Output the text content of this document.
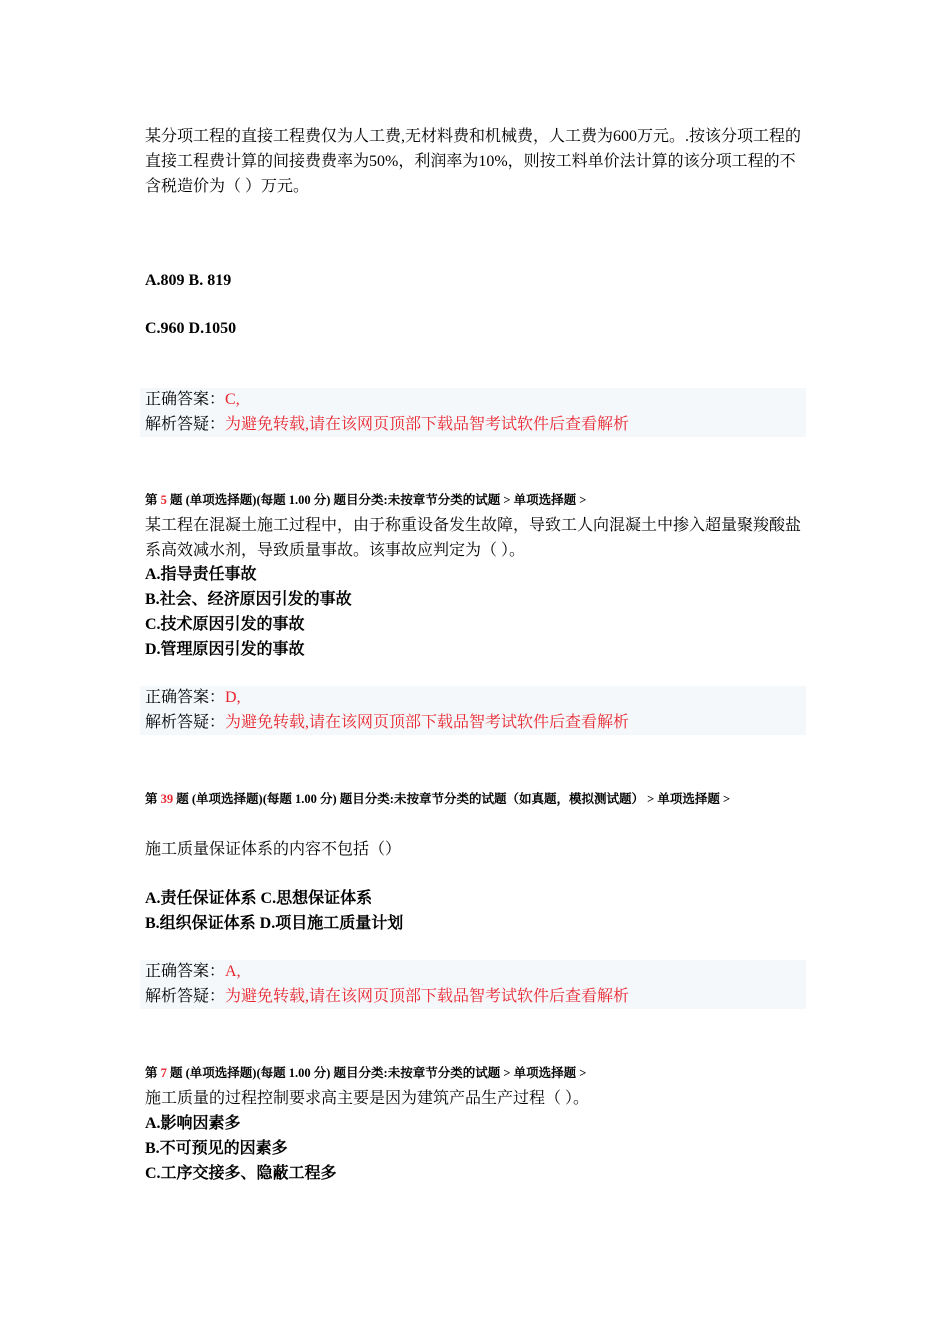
某分项工程的直接工程费仅为人工费,无材料费和机械费，人工费为600万元。.按该分项工程的直接工程费计算的间接费费率为50%，利润率为10%，则按工料单价法计算的该分项工程的不含税造价为（ ）万元。
A.809 B. 819
C.960 D.1050
正确答案：C,
解析答疑：为避免转载,请在该网页顶部下载品智考试软件后查看解析
第 5 题 (单项选择题)(每题 1.00 分) 题目分类:未按章节分类的试题 > 单项选择题 >
某工程在混凝土施工过程中，由于称重设备发生故障，导致工人向混凝土中掺入超量聚羧酸盐系高效减水剂，导致质量事故。该事故应判定为（ ）。
A.指导责任事故
B.社会、经济原因引发的事故
C.技术原因引发的事故
D.管理原因引发的事故
正确答案：D,
解析答疑：为避免转载,请在该网页顶部下载品智考试软件后查看解析
第 39 题 (单项选择题)(每题 1.00 分) 题目分类:未按章节分类的试题（如真题，模拟测试题） > 单项选择题 >
施工质量保证体系的内容不包括（）
A.责任保证体系 C.思想保证体系
B.组织保证体系 D.项目施工质量计划
正确答案：A,
解析答疑：为避免转载,请在该网页顶部下载品智考试软件后查看解析
第 7 题 (单项选择题)(每题 1.00 分) 题目分类:未按章节分类的试题 > 单项选择题 >
施工质量的过程控制要求高主要是因为建筑产品生产过程（ ）。
A.影响因素多
B.不可预见的因素多
C.工序交接多、隐蔽工程多
